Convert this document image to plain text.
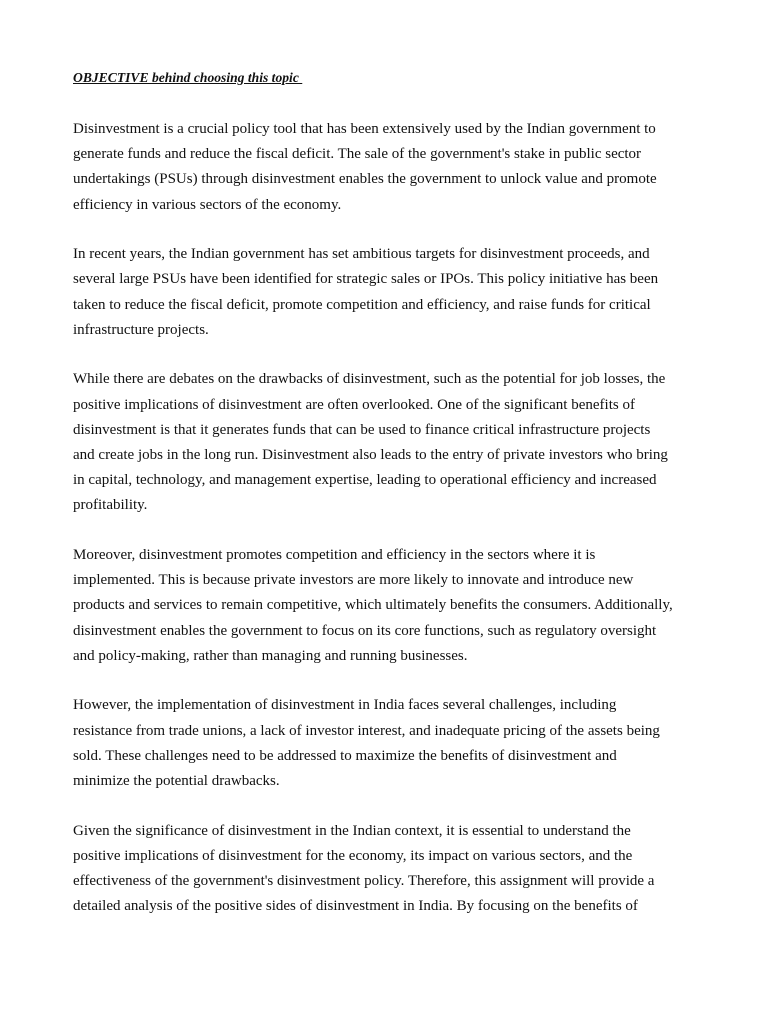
OBJECTIVE behind choosing this topic

Disinvestment is a crucial policy tool that has been extensively used by the Indian government to
generate funds and reduce the fiscal deficit. The sale of the government's stake in public sector
undertakings (PSUs) through disinvestment enables the government to unlock value and promote
efficiency in various sectors of the economy.

In recent years, the Indian government has set ambitious targets for disinvestment proceeds, and
several large PSUs have been identified for strategic sales or IPOs. This policy initiative has been
taken to reduce the fiscal deficit, promote competition and efficiency, and raise funds for critical
infrastructure projects.

While there are debates on the drawbacks of disinvestment, such as the potential for job losses, the
positive implications of disinvestment are often overlooked. One of the significant benefits of
disinvestment is that it generates funds that can be used to finance critical infrastructure projects
and create jobs in the long run. Disinvestment also leads to the entry of private investors who bring
in capital, technology, and management expertise, leading to operational efficiency and increased
profitability.

Moreover, disinvestment promotes competition and efficiency in the sectors where it is
implemented. This is because private investors are more likely to innovate and introduce new
products and services to remain competitive, which ultimately benefits the consumers. Additionally,
disinvestment enables the government to focus on its core functions, such as regulatory oversight
and policy-making, rather than managing and running businesses.

However, the implementation of disinvestment in India faces several challenges, including
resistance from trade unions, a lack of investor interest, and inadequate pricing of the assets being
sold. These challenges need to be addressed to maximize the benefits of disinvestment and
minimize the potential drawbacks.

Given the significance of disinvestment in the Indian context, it is essential to understand the
positive implications of disinvestment for the economy, its impact on various sectors, and the
effectiveness of the government's disinvestment policy. Therefore, this assignment will provide a
detailed analysis of the positive sides of disinvestment in India. By focusing on the benefits of
